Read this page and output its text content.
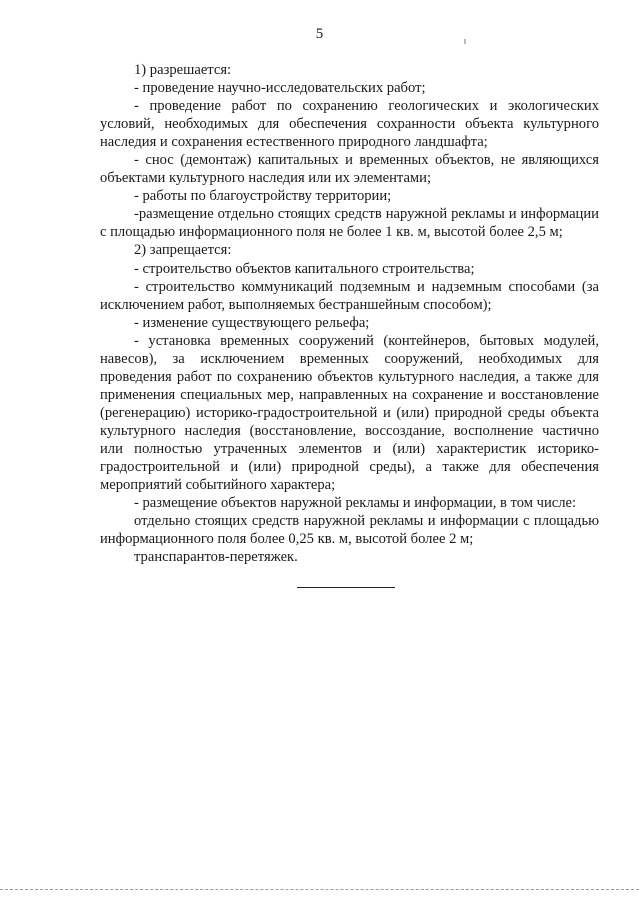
5

1) разрешается:

- проведение научно-исследовательских работ;

- проведение работ по сохранению геологических и экологических условий, необходимых для обеспечения сохранности объекта культурного наследия и сохранения естественного природного ландшафта;

- снос (демонтаж) капитальных и временных объектов, не являющихся объектами культурного наследия или их элементами;

- работы по благоустройству территории;

-размещение отдельно стоящих средств наружной рекламы и информации с площадью информационного поля не более 1 кв. м, высотой более 2,5 м;

2) запрещается:

- строительство объектов капитального строительства;

- строительство коммуникаций подземным и надземным способами (за исключением работ, выполняемых бестраншейным способом);

- изменение существующего рельефа;

- установка временных сооружений (контейнеров, бытовых модулей, навесов), за исключением временных сооружений, необходимых для проведения работ по сохранению объектов культурного наследия, а также для применения специальных мер, направленных на сохранение и восстановление (регенерацию) историко-градостроительной и (или) природной среды объекта культурного наследия (восстановление, воссоздание, восполнение частично или полностью утраченных элементов и (или) характеристик историко-градостроительной и (или) природной среды), а также для обеспечения мероприятий событийного характера;

- размещение объектов наружной рекламы и информации, в том числе:

отдельно стоящих средств наружной рекламы и информации с площадью информационного поля более 0,25 кв. м, высотой более 2 м;

транспарантов-перетяжек.
